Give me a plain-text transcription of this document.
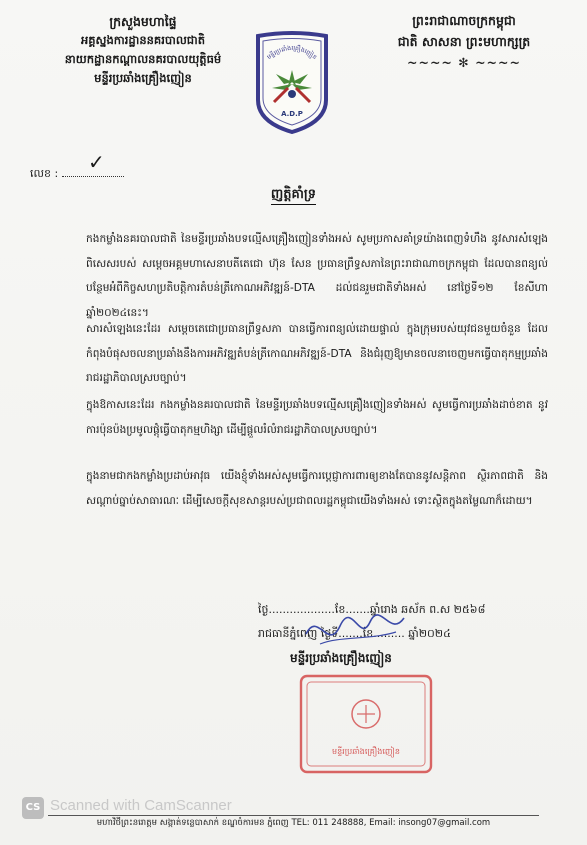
ក្រសួងមហាផ្ទៃ
អគ្គស្នងការដ្ឋាននគរបាលជាតិ
នាយកដ្ឋានកណ្តាលនគរបាលយុត្តិធម៌
មន្ទីរប្រឆាំងគ្រឿងញៀន
ព្រះរាជាណាចក្រកម្ពុជា
ជាតិ សាសនា ព្រះមហាក្សត្រ
~~~~ ✻ ~~~~
មន្ទីរប្រឆាំងគ្រឿងញៀន
A.D.P
លេខ :	✓
ញត្តិគាំទ្រ
កងកម្លាំងនគរបាលជាតិ នៃមន្ទីរប្រឆាំងបទល្មើសគ្រឿងញៀនទាំងអស់ សូមប្រកាសគាំទ្រយ៉ាងពេញទំហឹង នូវសារសំឡេងពិសេសរបស់ សម្តេចអគ្គមហាសេនាបតីតេជោ ហ៊ុន សែន ប្រធានព្រឹទ្ធសភានៃព្រះរាជាណាចក្រកម្ពុជា ដែលបានពន្យល់បន្ថែមអំពីកិច្ចសហប្រតិបត្តិការតំបន់ត្រីកោណអភិវឌ្ឍន៍-DTA ដល់ជនរួមជាតិទាំងអស់ នៅថ្ងៃទី១២ ខែសីហា ឆ្នាំ២០២៤នេះ។
សារសំឡេងនេះដែរ សម្តេចតេជោប្រធានព្រឹទ្ធសភា បានធ្វើការពន្យល់ដោយផ្ទាល់ ក្នុងក្រុមរបស់យុវជនមួយចំនួន ដែលកំពុងបំផុសចលនាប្រឆាំងនឹងការអភិវឌ្ឍតំបន់ត្រីកោណអភិវឌ្ឍន៍-DTA និងជំរុញឱ្យមានចលនាចេញមកធ្វើបាតុកម្មប្រឆាំងរាជរដ្ឋាភិបាលស្របច្បាប់។
ក្នុងឱកាសនេះដែរ កងកម្លាំងនគរបាលជាតិ នៃមន្ទីរប្រឆាំងបទល្មើសគ្រឿងញៀនទាំងអស់ សូមធ្វើការប្រឆាំងដាច់ខាត នូវការប៉ុនប៉ងប្រមូលផ្តុំធ្វើបាតុកម្មហិង្សា ដើម្បីផ្តួលរំលំរាជរដ្ឋាភិបាលស្របច្បាប់។
ក្នុងនាមជាកងកម្លាំងប្រដាប់អាវុធ យើងខ្ញុំទាំងអស់សូមធ្វើការប្តេជ្ញាការពារឲ្យខាងតែបាននូវសន្តិភាព ស្ថិរភាពជាតិ និងសណ្តាប់ធ្នាប់សាធារណៈ ដើម្បីសេចក្តីសុខសាន្តរបស់ប្រជាពលរដ្ឋកម្ពុជាយើងទាំងអស់ ទោះស្ថិតក្នុងតម្លៃណាក៏ដោយ។
ថ្ងៃ...................ខែ.......ឆ្នាំរោង ឆស័ក ព.ស ២៥៦៨
រាជធានីភ្នំពេញ ថ្ងៃទី.......ខែ......... ឆ្នាំ២០២៤
មន្ទីរប្រឆាំងគ្រឿងញៀន
មន្ទីរប្រឆាំងគ្រឿងញៀន
CS Scanned with CamScanner
មហាវិថីព្រះនរោត្តម សង្កាត់ទន្លេបាសាក់ ខណ្ឌចំការមន ភ្នំពេញ TEL: 011 248888, Email: insong07@gmail.com
